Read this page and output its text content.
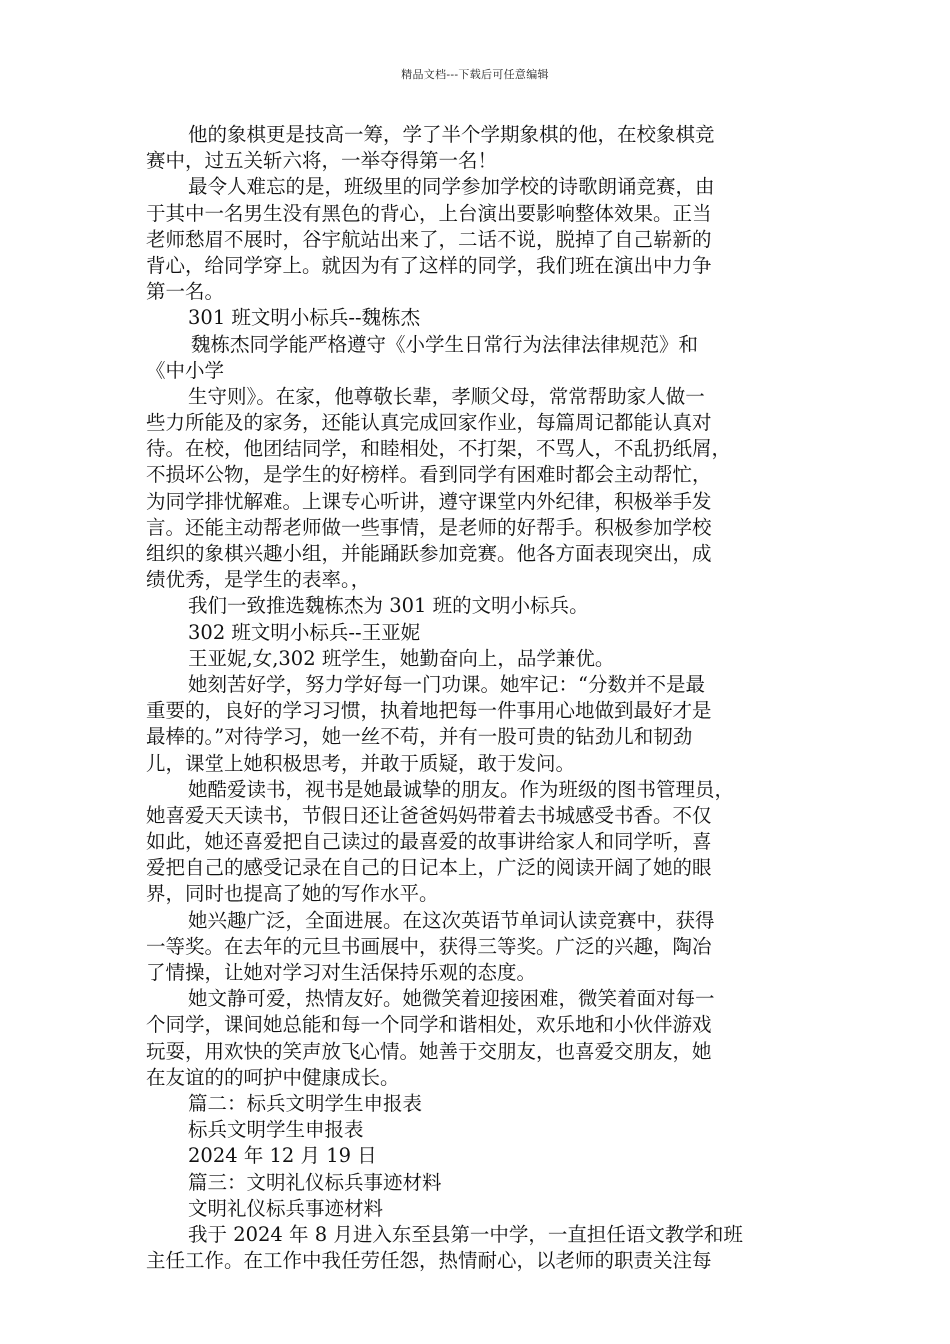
精品文档---下载后可任意编辑
他的象棋更是技高一筹，学了半个学期象棋的他，在校象棋竞
赛中，过五关斩六将，一举夺得第一名！
最令人难忘的是，班级里的同学参加学校的诗歌朗诵竞赛，由
于其中一名男生没有黑色的背心，上台演出要影响整体效果。正当
老师愁眉不展时，谷宇航站出来了，二话不说，脱掉了自己崭新的
背心，给同学穿上。就因为有了这样的同学，我们班在演出中力争
第一名。
301 班文明小标兵--魏栋杰
魏栋杰同学能严格遵守《小学生日常行为法律法律规范》和
《中小学
生守则》。在家，他尊敬长辈，孝顺父母，常常帮助家人做一
些力所能及的家务，还能认真完成回家作业，每篇周记都能认真对
待。在校，他团结同学，和睦相处，不打架，不骂人，不乱扔纸屑，
不损坏公物，是学生的好榜样。看到同学有困难时都会主动帮忙，
为同学排忧解难。上课专心听讲，遵守课堂内外纪律，积极举手发
言。还能主动帮老师做一些事情，是老师的好帮手。积极参加学校
组织的象棋兴趣小组，并能踊跃参加竞赛。他各方面表现突出，成
绩优秀，是学生的表率。，
我们一致推选魏栋杰为 301 班的文明小标兵。
302 班文明小标兵--王亚妮
王亚妮,女,302 班学生，她勤奋向上，品学兼优。
她刻苦好学，努力学好每一门功课。她牢记：“分数并不是最
重要的，良好的学习习惯，执着地把每一件事用心地做到最好才是
最棒的。”对待学习，她一丝不苟，并有一股可贵的钻劲儿和韧劲
儿，课堂上她积极思考，并敢于质疑，敢于发问。
她酷爱读书，视书是她最诚挚的朋友。作为班级的图书管理员，
她喜爱天天读书，节假日还让爸爸妈妈带着去书城感受书香。不仅
如此，她还喜爱把自己读过的最喜爱的故事讲给家人和同学听，喜
爱把自己的感受记录在自己的日记本上，广泛的阅读开阔了她的眼
界，同时也提高了她的写作水平。
她兴趣广泛，全面进展。在这次英语节单词认读竞赛中，获得
一等奖。在去年的元旦书画展中，获得三等奖。广泛的兴趣，陶冶
了情操，让她对学习对生活保持乐观的态度。
她文静可爱，热情友好。她微笑着迎接困难，微笑着面对每一
个同学，课间她总能和每一个同学和谐相处，欢乐地和小伙伴游戏
玩耍，用欢快的笑声放飞心情。她善于交朋友，也喜爱交朋友，她
在友谊的的呵护中健康成长。
篇二：标兵文明学生申报表
标兵文明学生申报表
2024 年 12 月 19 日
篇三：文明礼仪标兵事迹材料
文明礼仪标兵事迹材料
我于 2024 年 8 月进入东至县第一中学，一直担任语文教学和班
主任工作。在工作中我任劳任怨，热情耐心，以老师的职责关注每
